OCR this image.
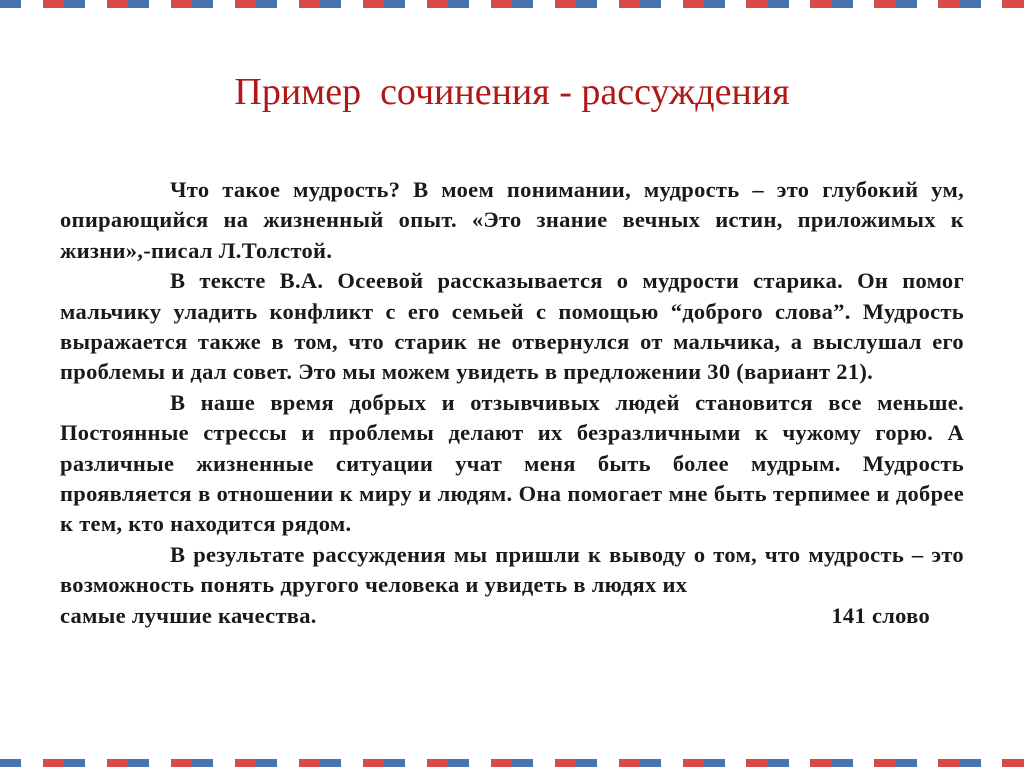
Пример  сочинения - рассуждения

Что такое мудрость? В моем понимании, мудрость – это глубокий ум, опирающийся на жизненный опыт. «Это знание вечных истин, приложимых к жизни»,-писал Л.Толстой.

В тексте В.А. Осеевой рассказывается о мудрости старика. Он помог мальчику уладить конфликт с его семьей с помощью “доброго слова”. Мудрость выражается также в том, что старик не отвернулся от мальчика, а выслушал его проблемы и дал совет. Это мы можем увидеть в предложении 30 (вариант 21).

В наше время добрых и отзывчивых людей становится все меньше. Постоянные стрессы и проблемы делают их безразличными к чужому горю. А различные жизненные ситуации учат меня быть более мудрым. Мудрость проявляется в отношении к миру и людям. Она помогает мне быть терпимее и добрее к тем, кто находится рядом.

В результате рассуждения мы пришли к выводу о том, что мудрость – это возможность понять другого человека и увидеть в людях их

самые лучшие качества.	141 слово
